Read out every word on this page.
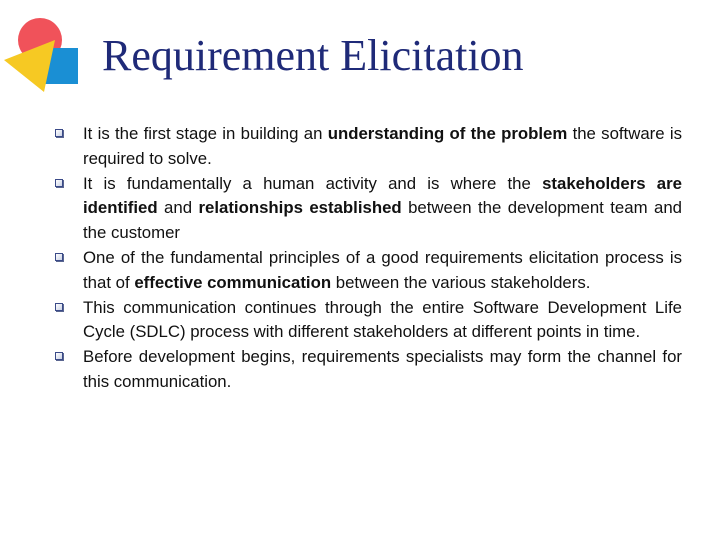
Requirement Elicitation
It is the first stage in building an understanding of the problem the software is required to solve.
It is fundamentally a human activity and is where the stakeholders are identified and relationships established between the development team and the customer
One of the fundamental principles of a good requirements elicitation process is that of effective communication between the various stakeholders.
This communication continues through the entire Software Development Life Cycle (SDLC) process with different stakeholders at different points in time.
Before development begins, requirements specialists may form the channel for this communication.
